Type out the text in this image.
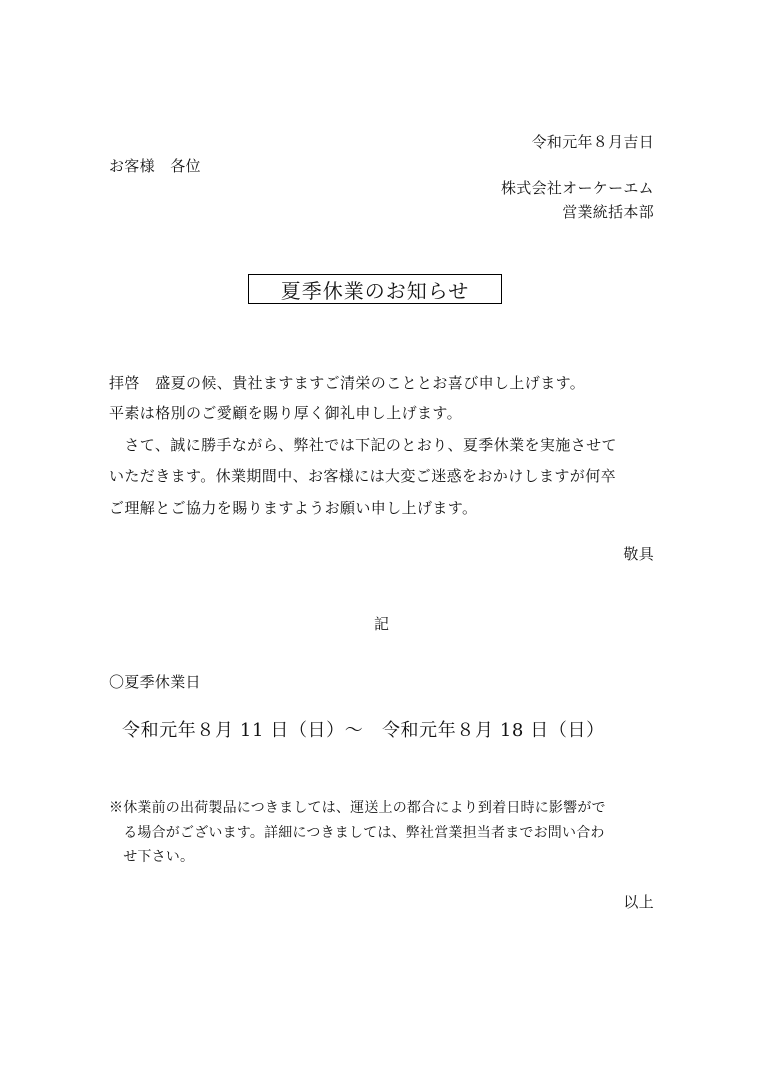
令和元年８月吉日
お客様　各位
株式会社オーケーエム
営業統括本部
夏季休業のお知らせ
拝啓　盛夏の候、貴社ますますご清栄のこととお喜び申し上げます。
平素は格別のご愛顧を賜り厚く御礼申し上げます。
　さて、誠に勝手ながら、弊社では下記のとおり、夏季休業を実施させて
いただきます。休業期間中、お客様には大変ご迷惑をおかけしますが何卒
ご理解とご協力を賜りますようお願い申し上げます。
敬具
記
〇夏季休業日
令和元年８月 11 日（日）～　令和元年８月 18 日（日）
※休業前の出荷製品につきましては、運送上の都合により到着日時に影響がで
　る場合がございます。詳細につきましては、弊社営業担当者までお問い合わ
　せ下さい。
以上
